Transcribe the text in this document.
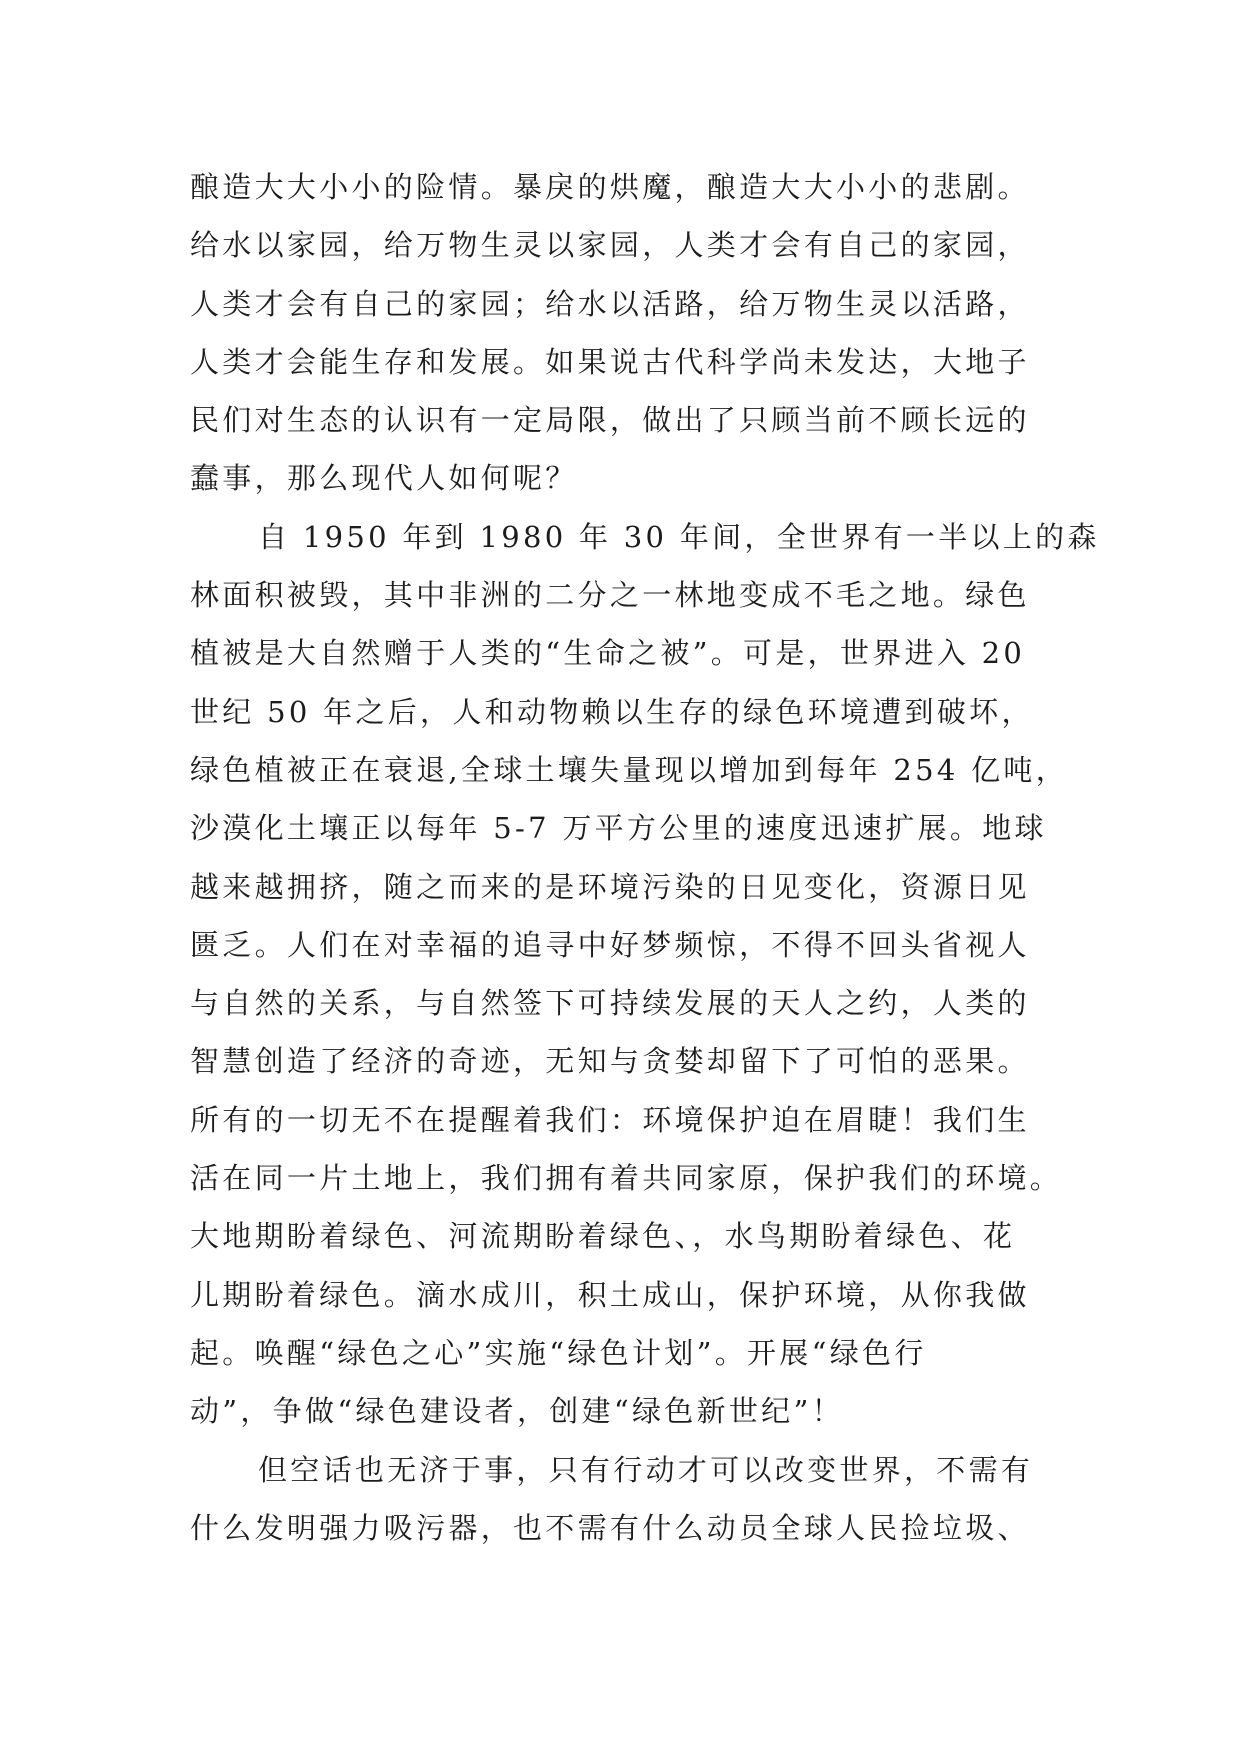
酿造大大小小的险情。暴戾的烘魔，酿造大大小小的悲剧。
给水以家园，给万物生灵以家园，人类才会有自己的家园，
人类才会有自己的家园；给水以活路，给万物生灵以活路，
人类才会能生存和发展。如果说古代科学尚未发达，大地子
民们对生态的认识有一定局限，做出了只顾当前不顾长远的
蠢事，那么现代人如何呢？
自 1950 年到 1980 年 30 年间，全世界有一半以上的森
林面积被毁，其中非洲的二分之一林地变成不毛之地。绿色
植被是大自然赠于人类的“生命之被”。可是，世界进入 20
世纪 50 年之后，人和动物赖以生存的绿色环境遭到破坏，
绿色植被正在衰退,全球土壤失量现以增加到每年 254 亿吨，
沙漠化土壤正以每年 5-7 万平方公里的速度迅速扩展。地球
越来越拥挤，随之而来的是环境污染的日见变化，资源日见
匮乏。人们在对幸福的追寻中好梦频惊，不得不回头省视人
与自然的关系，与自然签下可持续发展的天人之约，人类的
智慧创造了经济的奇迹，无知与贪婪却留下了可怕的恶果。
所有的一切无不在提醒着我们：环境保护迫在眉睫！我们生
活在同一片土地上，我们拥有着共同家原，保护我们的环境。
大地期盼着绿色、河流期盼着绿色、，水鸟期盼着绿色、花
儿期盼着绿色。滴水成川，积土成山，保护环境，从你我做
起。唤醒“绿色之心”实施“绿色计划”。开展“绿色行
动”，争做“绿色建设者，创建“绿色新世纪”！
但空话也无济于事，只有行动才可以改变世界，不需有
什么发明强力吸污器，也不需有什么动员全球人民捡垃圾、
